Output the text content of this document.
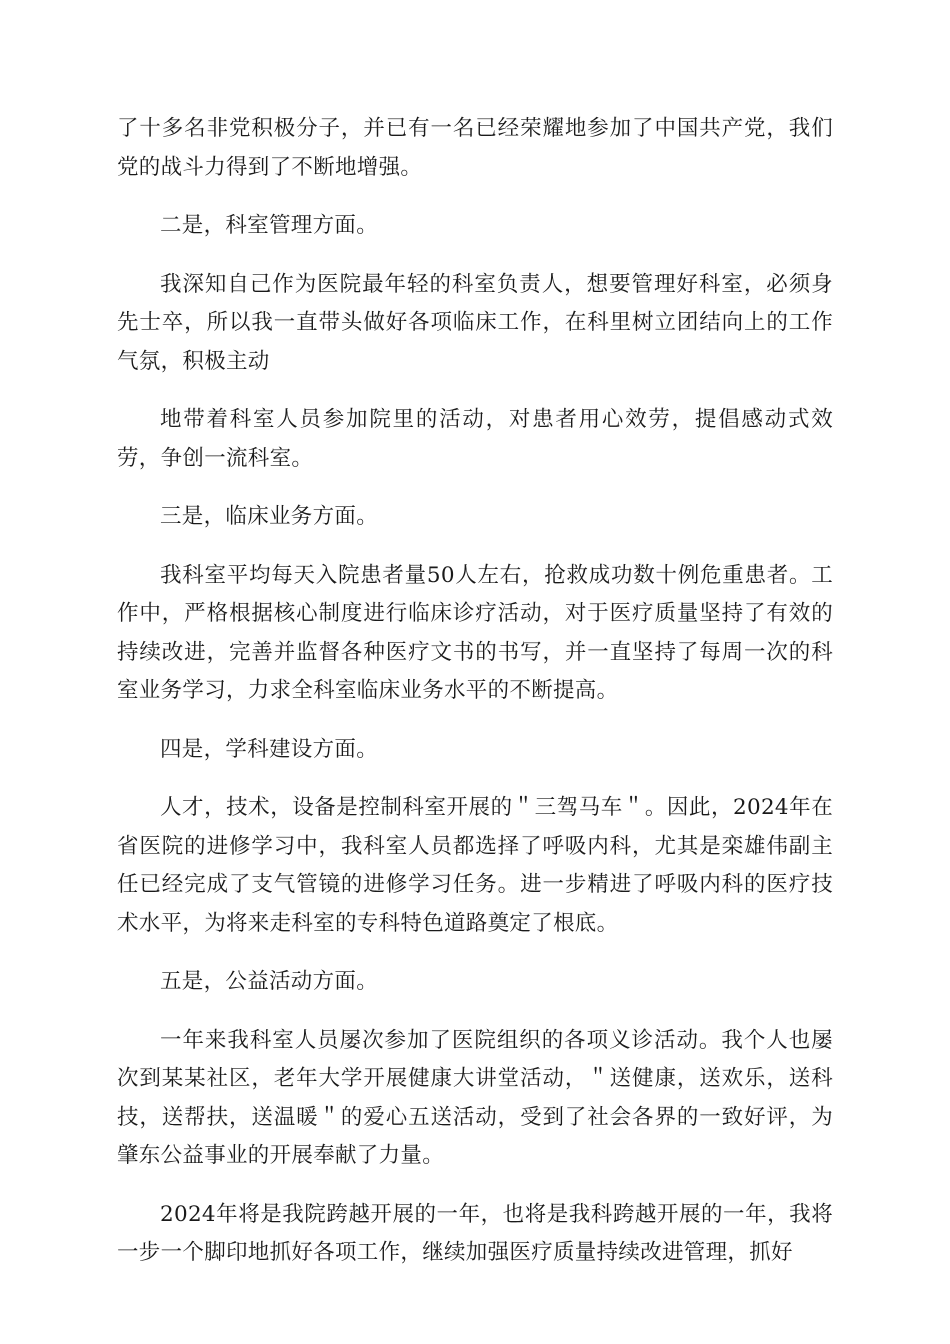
了十多名非党积极分子，并已有一名已经荣耀地参加了中国共产党，我们党的战斗力得到了不断地增强。

二是，科室管理方面。

我深知自己作为医院最年轻的科室负责人，想要管理好科室，必须身先士卒，所以我一直带头做好各项临床工作，在科里树立团结向上的工作气氛，积极主动

地带着科室人员参加院里的活动，对患者用心效劳，提倡感动式效劳，争创一流科室。

三是，临床业务方面。

我科室平均每天入院患者量50人左右，抢救成功数十例危重患者。工作中，严格根据核心制度进行临床诊疗活动，对于医疗质量坚持了有效的持续改进，完善并监督各种医疗文书的书写，并一直坚持了每周一次的科室业务学习，力求全科室临床业务水平的不断提高。

四是，学科建设方面。

人才，技术，设备是控制科室开展的＂三驾马车＂。因此，2024年在省医院的进修学习中，我科室人员都选择了呼吸内科，尤其是栾雄伟副主任已经完成了支气管镜的进修学习任务。进一步精进了呼吸内科的医疗技术水平，为将来走科室的专科特色道路奠定了根底。

五是，公益活动方面。

一年来我科室人员屡次参加了医院组织的各项义诊活动。我个人也屡次到某某社区，老年大学开展健康大讲堂活动，＂送健康，送欢乐，送科技，送帮扶，送温暖＂的爱心五送活动，受到了社会各界的一致好评，为肇东公益事业的开展奉献了力量。

2024年将是我院跨越开展的一年，也将是我科跨越开展的一年，我将一步一个脚印地抓好各项工作，继续加强医疗质量持续改进管理，抓好
